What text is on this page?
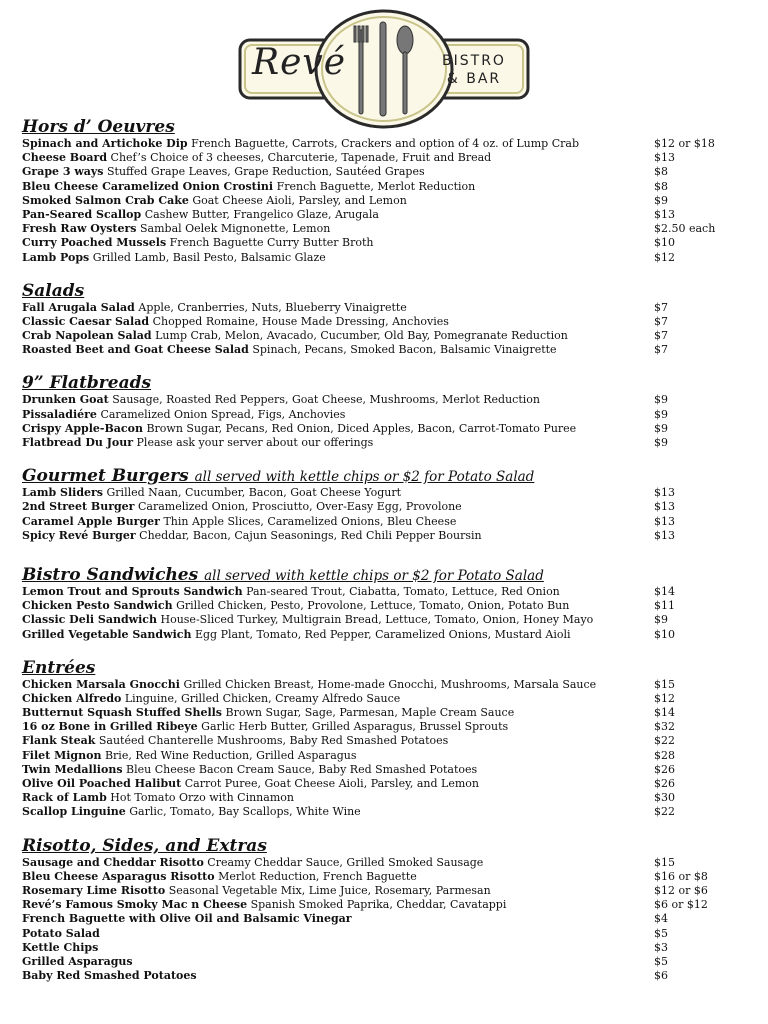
Revé	BISTRO
& BAR
Hors d’ Oeuvres
Spinach and Artichoke Dip French Baguette, Carrots, Crackers and option of 4 oz. of Lump Crab	$12 or $18
Cheese Board Chef’s Choice of 3 cheeses, Charcuterie, Tapenade, Fruit and Bread	$13
Grape 3 ways Stuffed Grape Leaves, Grape Reduction, Sautéed Grapes	$8
Bleu Cheese Caramelized Onion Crostini French Baguette, Merlot Reduction	$8
Smoked Salmon Crab Cake Goat Cheese Aioli, Parsley, and Lemon	$9
Pan-Seared Scallop Cashew Butter, Frangelico Glaze, Arugala	$13
Fresh Raw Oysters Sambal Oelek Mignonette, Lemon	$2.50 each
Curry Poached Mussels French Baguette Curry Butter Broth	$10
Lamb Pops Grilled Lamb, Basil Pesto, Balsamic Glaze	$12
Salads
Fall Arugala Salad Apple, Cranberries, Nuts, Blueberry Vinaigrette	$7
Classic Caesar Salad Chopped Romaine, House Made Dressing, Anchovies	$7
Crab Napolean Salad Lump Crab, Melon, Avacado, Cucumber, Old Bay, Pomegranate Reduction	$7
Roasted Beet and Goat Cheese Salad Spinach, Pecans, Smoked Bacon, Balsamic Vinaigrette	$7
9” Flatbreads
Drunken Goat Sausage, Roasted Red Peppers, Goat Cheese, Mushrooms, Merlot Reduction	$9
Pissaladiére Caramelized Onion Spread, Figs, Anchovies	$9
Crispy Apple-Bacon Brown Sugar, Pecans, Red Onion, Diced Apples, Bacon, Carrot-Tomato Puree	$9
Flatbread Du Jour Please ask your server about our offerings	$9
Gourmet Burgers all served with kettle chips or $2 for Potato Salad
Lamb Sliders Grilled Naan, Cucumber, Bacon, Goat Cheese Yogurt	$13
2nd Street Burger Caramelized Onion, Prosciutto, Over-Easy Egg, Provolone	$13
Caramel Apple Burger Thin Apple Slices, Caramelized Onions, Bleu Cheese	$13
Spicy Revé Burger Cheddar, Bacon, Cajun Seasonings, Red Chili Pepper Boursin	$13
Bistro Sandwiches all served with kettle chips or $2 for Potato Salad
Lemon Trout and Sprouts Sandwich Pan-seared Trout, Ciabatta, Tomato, Lettuce, Red Onion	$14
Chicken Pesto Sandwich Grilled Chicken, Pesto, Provolone, Lettuce, Tomato, Onion, Potato Bun	$11
Classic Deli Sandwich House-Sliced Turkey, Multigrain Bread, Lettuce, Tomato, Onion, Honey Mayo	$9
Grilled Vegetable Sandwich Egg Plant, Tomato, Red Pepper, Caramelized Onions, Mustard Aioli	$10
Entrées
Chicken Marsala Gnocchi Grilled Chicken Breast, Home-made Gnocchi, Mushrooms, Marsala Sauce	$15
Chicken Alfredo Linguine, Grilled Chicken, Creamy Alfredo Sauce	$12
Butternut Squash Stuffed Shells Brown Sugar, Sage, Parmesan, Maple Cream Sauce	$14
16 oz Bone in Grilled Ribeye Garlic Herb Butter, Grilled Asparagus, Brussel Sprouts	$32
Flank Steak Sautéed Chanterelle Mushrooms, Baby Red Smashed Potatoes	$22
Filet Mignon Brie, Red Wine Reduction, Grilled Asparagus	$28
Twin Medallions Bleu Cheese Bacon Cream Sauce, Baby Red Smashed Potatoes	$26
Olive Oil Poached Halibut Carrot Puree, Goat Cheese Aioli, Parsley, and Lemon	$26
Rack of Lamb Hot Tomato Orzo with Cinnamon	$30
Scallop Linguine Garlic, Tomato, Bay Scallops, White Wine	$22
Risotto, Sides, and Extras
Sausage and Cheddar Risotto Creamy Cheddar Sauce, Grilled Smoked Sausage	$15
Bleu Cheese Asparagus Risotto Merlot Reduction, French Baguette	$16 or $8
Rosemary Lime Risotto Seasonal Vegetable Mix, Lime Juice, Rosemary, Parmesan	$12 or $6
Revé’s Famous Smoky Mac n Cheese Spanish Smoked Paprika, Cheddar, Cavatappi	$6 or $12
French Baguette with Olive Oil and Balsamic Vinegar	$4
Potato Salad	$5
Kettle Chips	$3
Grilled Asparagus	$5
Baby Red Smashed Potatoes	$6
